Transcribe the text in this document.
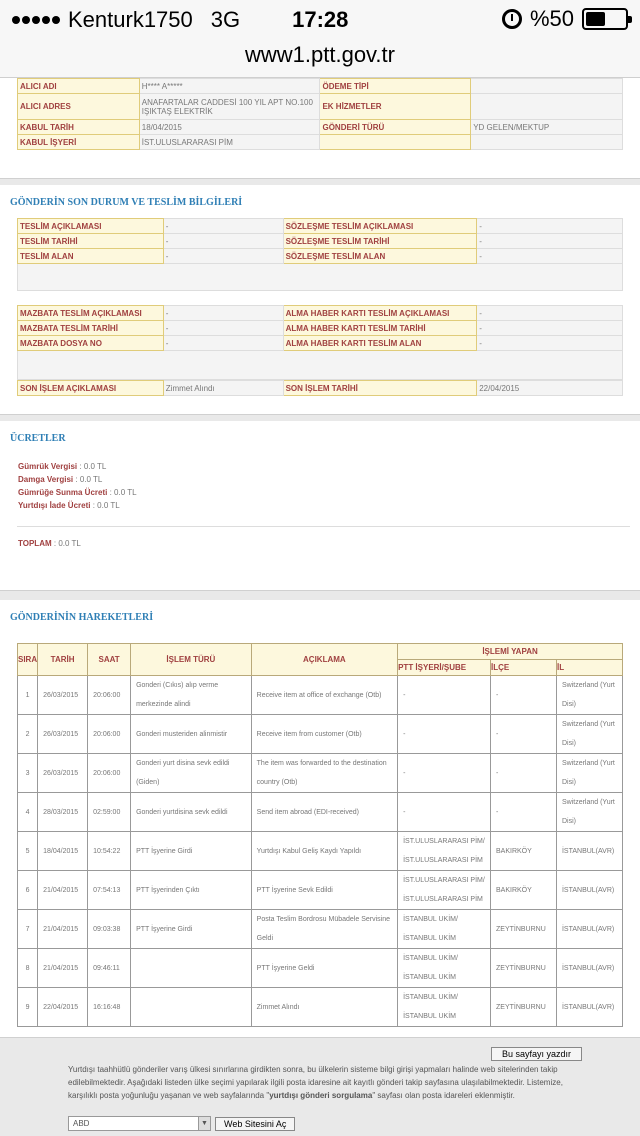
Kenturk1750 3G 17:28	%50
www1.ptt.gov.tr
ALICI ADI	H**** A*****	ÖDEME TİPİ	
ALICI ADRES	ANAFARTALAR CADDESİ 100 YIL APT NO.100 IŞIKTAŞ ELEKTRİK	EK HİZMETLER	
KABUL TARİH	18/04/2015	GÖNDERİ TÜRÜ	YD GELEN/MEKTUP
KABUL İŞYERİ	İST.ULUSLARARASI PİM		
GÖNDERİN SON DURUM VE TESLİM BİLGİLERİ
TESLİM AÇIKLAMASI	-	SÖZLEŞME TESLİM AÇIKLAMASI	-
TESLİM TARİHİ	-	SÖZLEŞME TESLİM TARİHİ	-
TESLİM ALAN	-	SÖZLEŞME TESLİM ALAN	-
MAZBATA TESLİM AÇIKLAMASI	-	ALMA HABER KARTI TESLİM AÇIKLAMASI	-
MAZBATA TESLİM TARİHİ	-	ALMA HABER KARTI TESLİM TARİHİ	-
MAZBATA DOSYA NO	-	ALMA HABER KARTI TESLİM ALAN	-
SON İŞLEM AÇIKLAMASI	Zimmet Alındı	SON İŞLEM TARİHİ	22/04/2015
ÜCRETLER
Gümrük Vergisi : 0.0 TL
Damga Vergisi : 0.0 TL
Gümrüğe Sunma Ücreti : 0.0 TL
Yurtdışı İade Ücreti : 0.0 TL
TOPLAM : 0.0 TL
GÖNDERİNİN HAREKETLERİ
SIRA	TARİH	SAAT	İŞLEM TÜRÜ	AÇIKLAMA	İŞLEMİ YAPAN		
					PTT İŞYERİ/ŞUBE	İLÇE	İL
1	26/03/2015	20:06:00	Gonderi (Cıkıs) alıp verme merkezinde alindi	Receive item at office of exchange (Otb)	-	-	Switzerland (Yurt Disi)
2	26/03/2015	20:06:00	Gonderi musteriden alinmistir	Receive item from customer (Otb)	-	-	Switzerland (Yurt Disi)
3	26/03/2015	20:06:00	Gonderi yurt disina sevk edildi (Giden)	The item was forwarded to the destination country (Otb)	-	-	Switzerland (Yurt Disi)
4	28/03/2015	02:59:00	Gonderi yurtdisina sevk edildi	Send item abroad (EDI-received)	-	-	Switzerland (Yurt Disi)
5	18/04/2015	10:54:22	PTT İşyerine Girdi	Yurtdışı Kabul Geliş Kaydı Yapıldı	İST.ULUSLARARASI PİM/ İST.ULUSLARARASI PİM	BAKIRKÖY	İSTANBUL(AVR)
6	21/04/2015	07:54:13	PTT İşyerinden Çıktı	PTT İşyerine Sevk Edildi	İST.ULUSLARARASI PİM/ İST.ULUSLARARASI PİM	BAKIRKÖY	İSTANBUL(AVR)
7	21/04/2015	09:03:38	PTT İşyerine Girdi	Posta Teslim Bordrosu Mübadele Servisine Geldi	İSTANBUL UKİM/ İSTANBUL UKİM	ZEYTİNBURNU	İSTANBUL(AVR)
8	21/04/2015	09:46:11		PTT İşyerine Geldi	İSTANBUL UKİM/ İSTANBUL UKİM	ZEYTİNBURNU	İSTANBUL(AVR)
9	22/04/2015	16:16:48		Zimmet Alındı	İSTANBUL UKİM/ İSTANBUL UKİM	ZEYTİNBURNU	İSTANBUL(AVR)
Bu sayfayı yazdır
Yurtdışı taahhütlü gönderiler varış ülkesi sınırlarına girdikten sonra, bu ülkelerin sisteme bilgi girişi yapmaları halinde web sitelerinden takip edilebilmektedir. Aşağıdaki listeden ülke seçimi yapılarak ilgili posta idaresine ait kayıtlı gönderi takip sayfasına ulaşılabilmektedir. Listemize, karşılıklı posta yoğunluğu yaşanan ve web sayfalarında "yurtdışı gönderi sorgulama" sayfası olan posta idareleri eklenmiştir.
ABD	▼	Web Sitesini Aç
